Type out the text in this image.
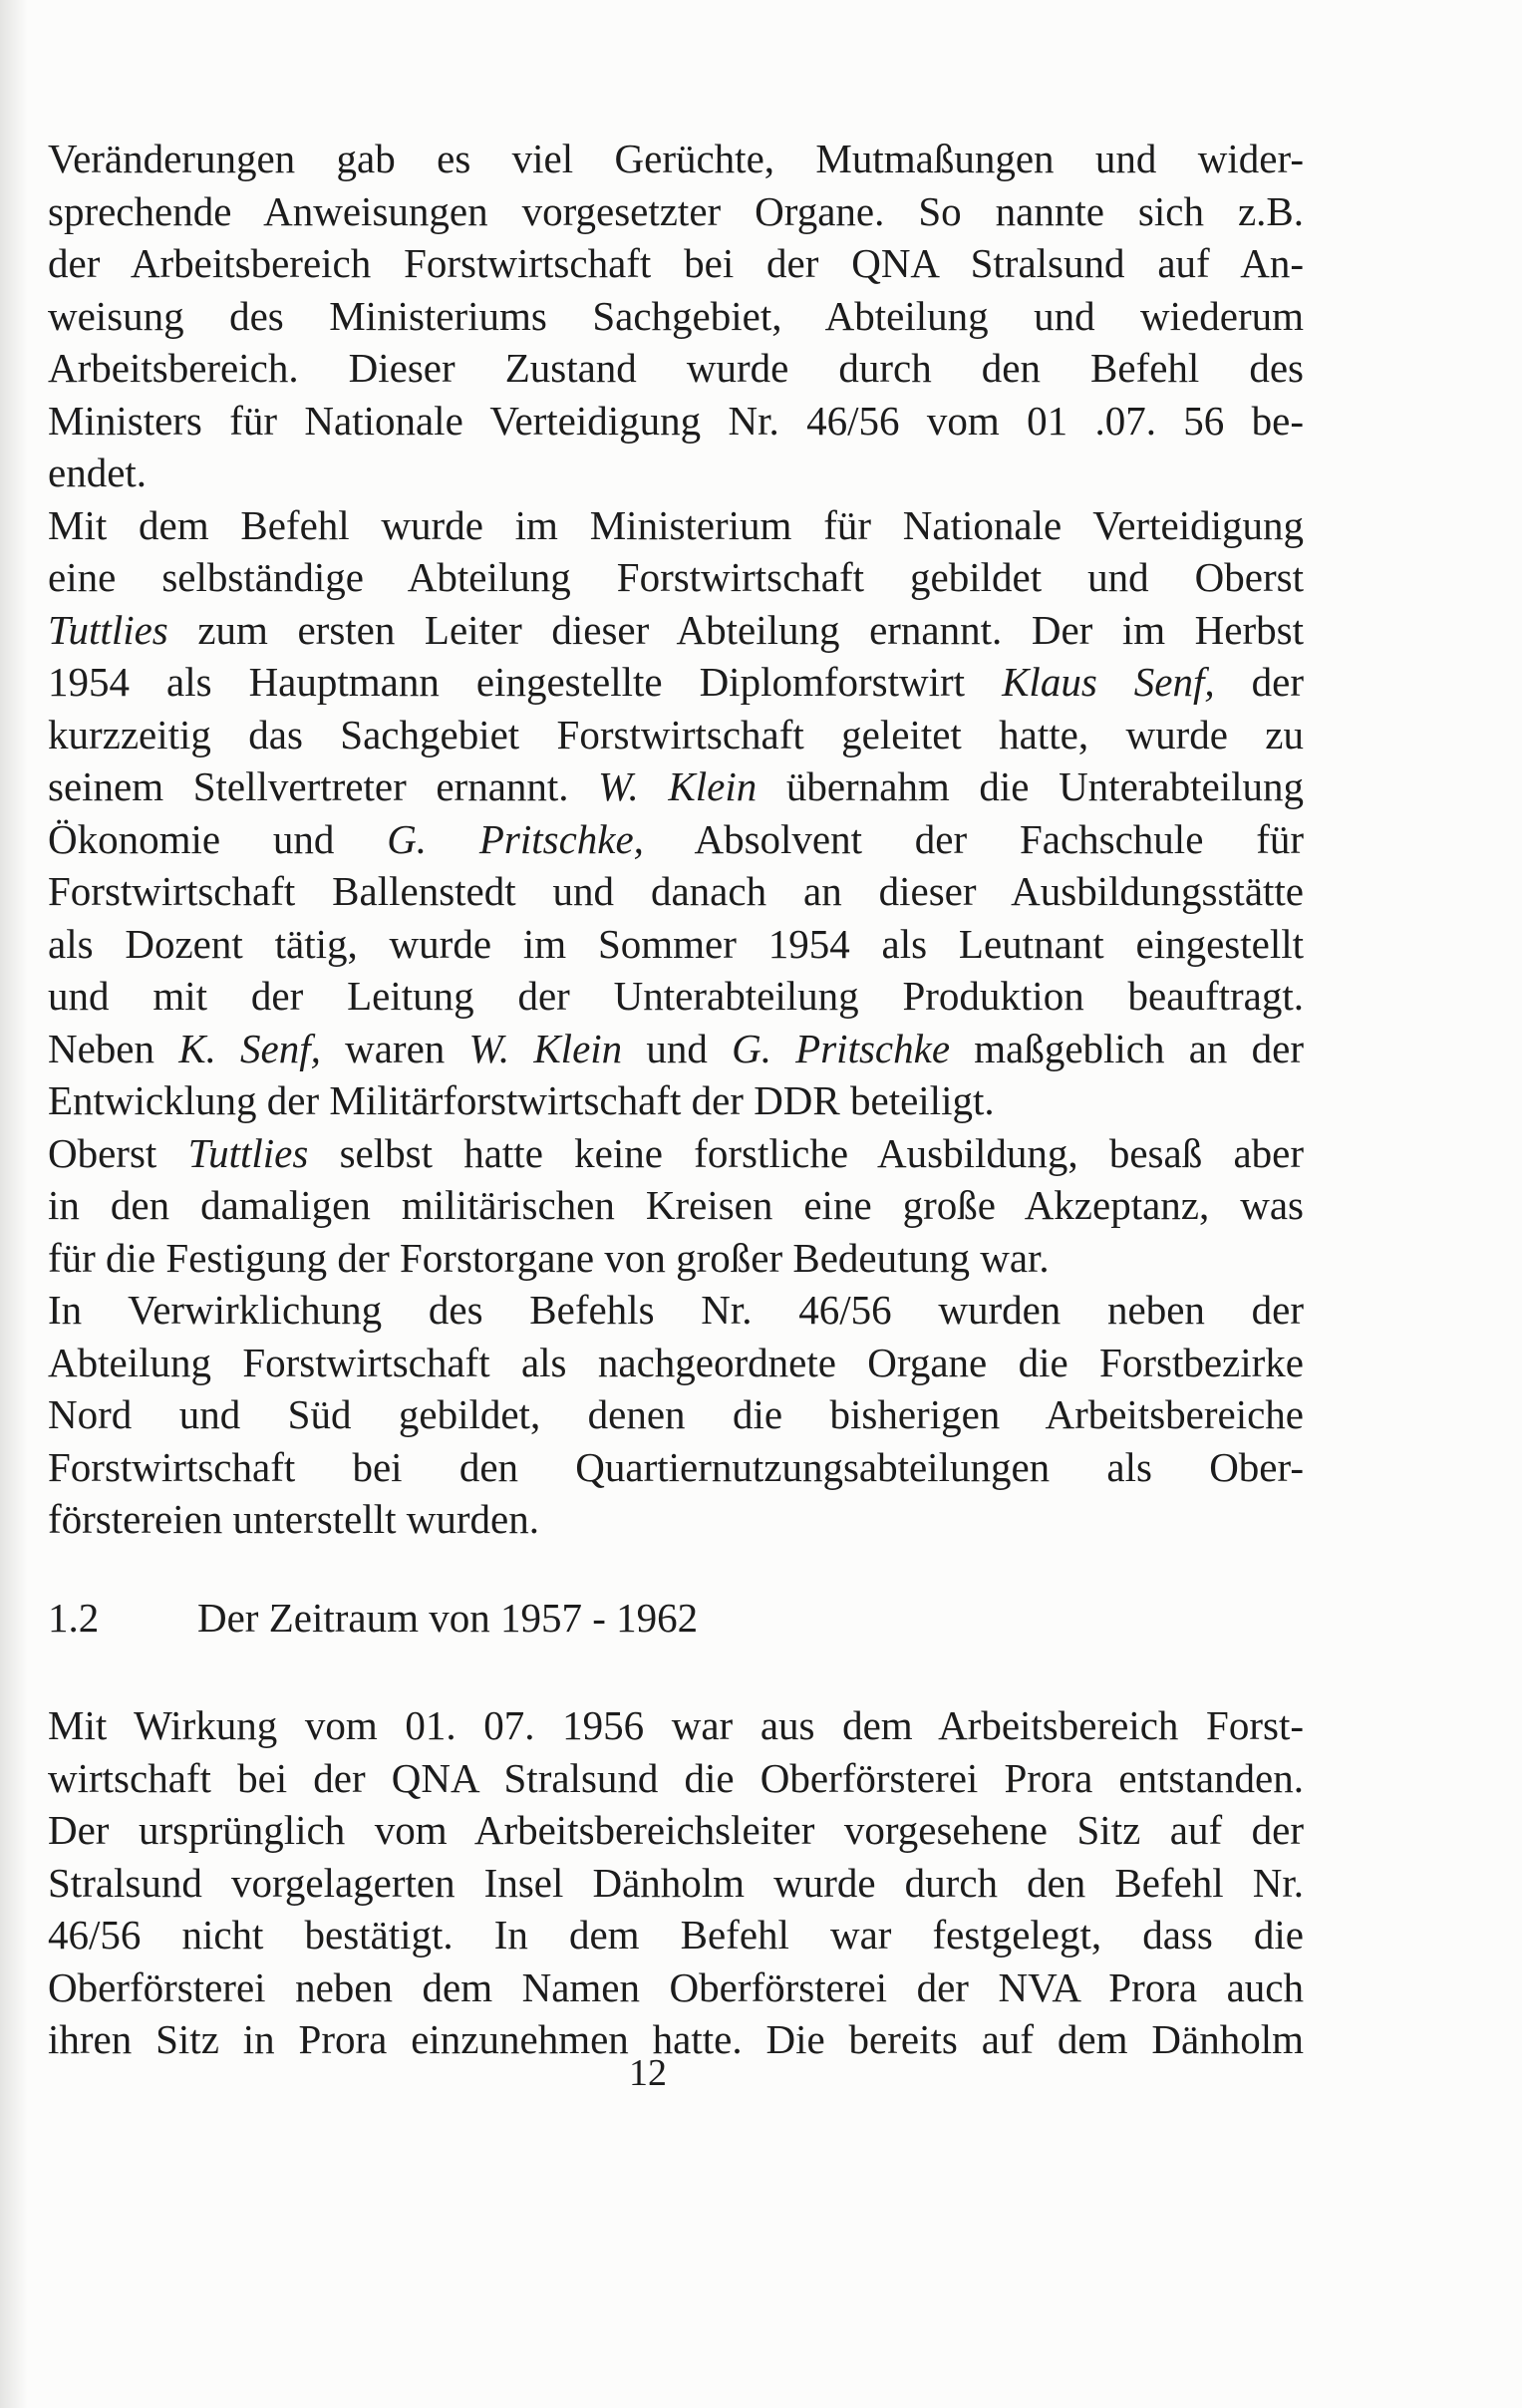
Veränderungen gab es viel Gerüchte, Mutmaßungen und wider-
sprechende Anweisungen vorgesetzter Organe. So nannte sich z.B.
der Arbeitsbereich Forstwirtschaft bei der QNA Stralsund auf An-
weisung des Ministeriums Sachgebiet, Abteilung und wiederum
Arbeitsbereich. Dieser Zustand wurde durch den Befehl des
Ministers für Nationale Verteidigung Nr. 46/56 vom 01 .07. 56 be-
endet.

Mit dem Befehl wurde im Ministerium für Nationale Verteidigung
eine selbständige Abteilung Forstwirtschaft gebildet und Oberst
Tuttlies zum ersten Leiter dieser Abteilung ernannt. Der im Herbst
1954 als Hauptmann eingestellte Diplomforstwirt Klaus Senf, der
kurzzeitig das Sachgebiet Forstwirtschaft geleitet hatte, wurde zu
seinem Stellvertreter ernannt. W. Klein übernahm die Unterabteilung
Ökonomie und G. Pritschke, Absolvent der Fachschule für
Forstwirtschaft Ballenstedt und danach an dieser Ausbildungsstätte
als Dozent tätig, wurde im Sommer 1954 als Leutnant eingestellt
und mit der Leitung der Unterabteilung Produktion beauftragt.
Neben K. Senf, waren W. Klein und G. Pritschke maßgeblich an der
Entwicklung der Militärforstwirtschaft der DDR beteiligt.

Oberst Tuttlies selbst hatte keine forstliche Ausbildung, besaß aber
in den damaligen militärischen Kreisen eine große Akzeptanz, was
für die Festigung der Forstorgane von großer Bedeutung war.

In Verwirklichung des Befehls Nr. 46/56 wurden neben der
Abteilung Forstwirtschaft als nachgeordnete Organe die Forstbezirke
Nord und Süd gebildet, denen die bisherigen Arbeitsbereiche
Forstwirtschaft bei den Quartiernutzungsabteilungen als Ober-
förstereien unterstellt wurden.

1.2 Der Zeitraum von 1957 - 1962

Mit Wirkung vom 01. 07. 1956 war aus dem Arbeitsbereich Forst-
wirtschaft bei der QNA Stralsund die Oberförsterei Prora entstanden.
Der ursprünglich vom Arbeitsbereichsleiter vorgesehene Sitz auf der
Stralsund vorgelagerten Insel Dänholm wurde durch den Befehl Nr.
46/56 nicht bestätigt. In dem Befehl war festgelegt, dass die
Oberförsterei neben dem Namen Oberförsterei der NVA Prora auch
ihren Sitz in Prora einzunehmen hatte. Die bereits auf dem Dänholm

12
